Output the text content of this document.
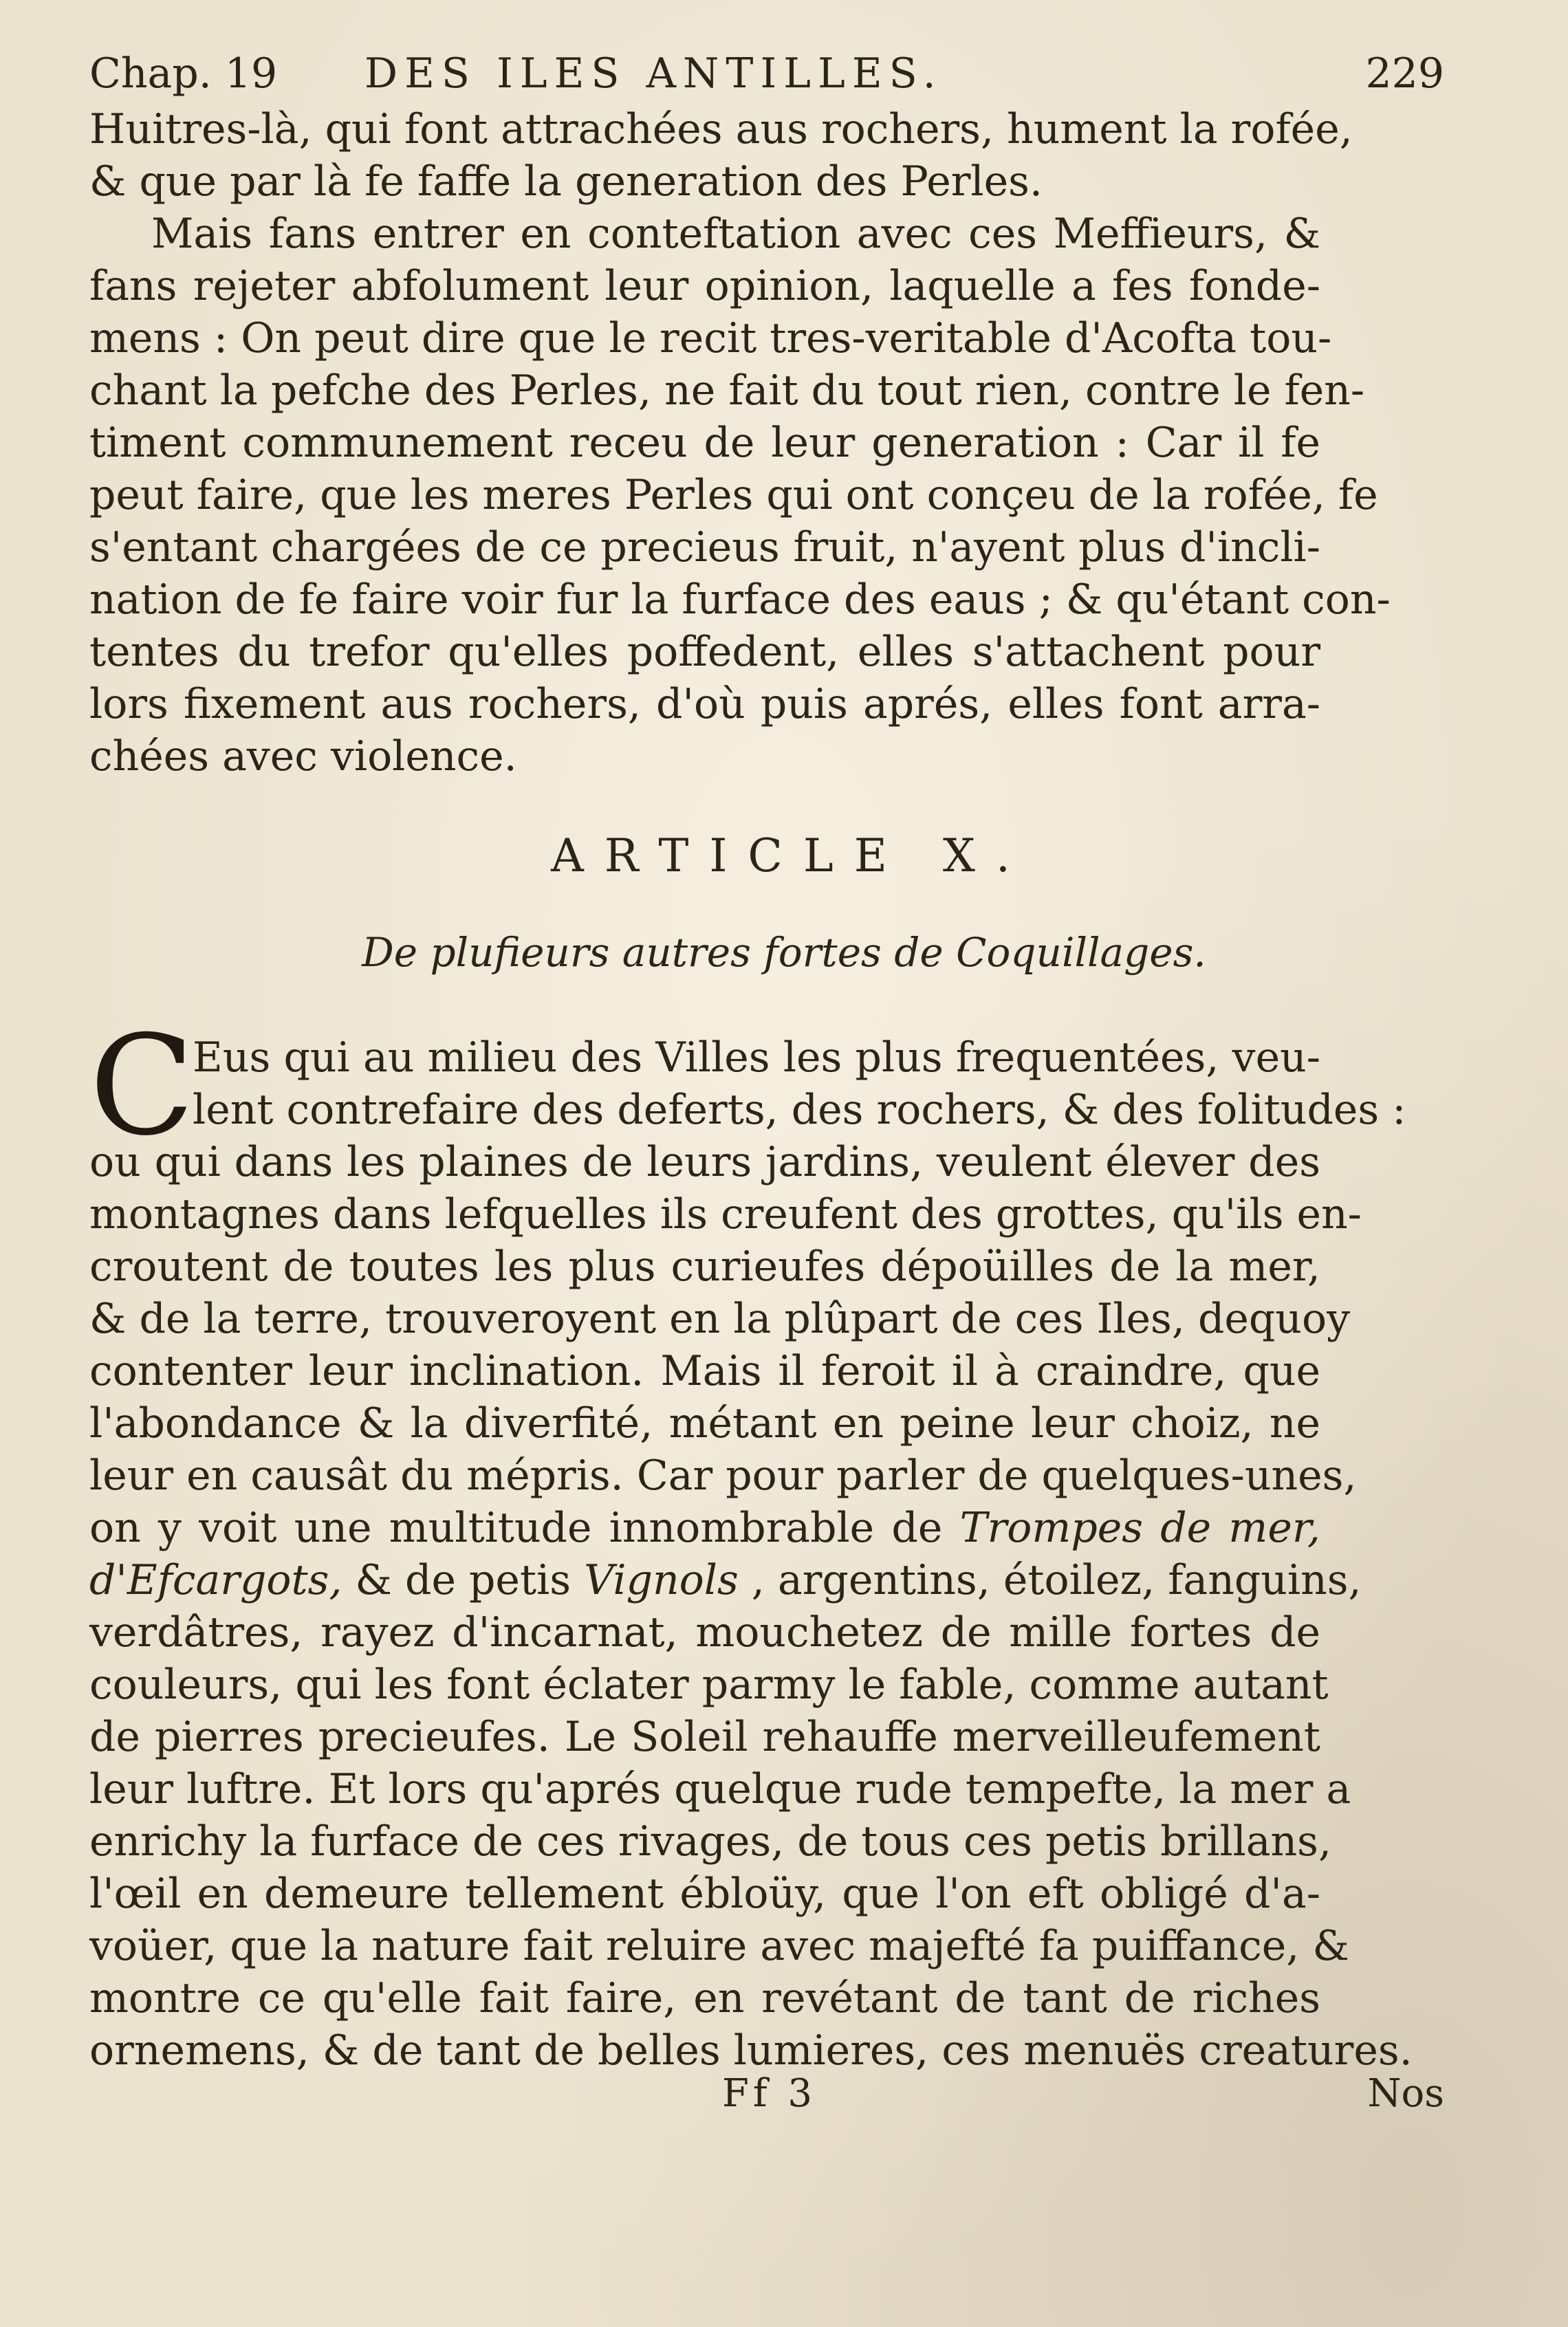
Chap. 19 DES ILES ANTILLES.	229
Huitres-là, qui font attrachées aus rochers, hument la rofée,
& que par là fe faffe la generation des Perles.
Mais fans entrer en conteftation avec ces Meffieurs, &
fans rejeter abfolument leur opinion, laquelle a fes fonde-
mens : On peut dire que le recit tres-veritable d'Acofta tou-
chant la pefche des Perles, ne fait du tout rien, contre le fen-
timent communement receu de leur generation : Car il fe
peut faire, que les meres Perles qui ont conçeu de la rofée, fe
s'entant chargées de ce precieus fruit, n'ayent plus d'incli-
nation de fe faire voir fur la furface des eaus ; & qu'étant con-
tentes du trefor qu'elles poffedent, elles s'attachent pour
lors fixement aus rochers, d'où puis aprés, elles font arra-
chées avec violence.
ARTICLE X.
De plufieurs autres fortes de Coquillages.
C
Eus qui au milieu des Villes les plus frequentées, veu-
lent contrefaire des deferts, des rochers, & des folitudes :
ou qui dans les plaines de leurs jardins, veulent élever des
montagnes dans lefquelles ils creufent des grottes, qu'ils en-
croutent de toutes les plus curieufes dépoüilles de la mer,
& de la terre, trouveroyent en la plûpart de ces Iles, dequoy
contenter leur inclination. Mais il feroit il à craindre, que
l'abondance & la diverfité, métant en peine leur choiz, ne
leur en causât du mépris. Car pour parler de quelques-unes,
on y voit une multitude innombrable de Trompes de mer,
d'Efcargots, & de petis Vignols , argentins, étoilez, fanguins,
verdâtres, rayez d'incarnat, mouchetez de mille fortes de
couleurs, qui les font éclater parmy le fable, comme autant
de pierres precieufes. Le Soleil rehauffe merveilleufement
leur luftre. Et lors qu'aprés quelque rude tempefte, la mer a
enrichy la furface de ces rivages, de tous ces petis brillans,
l'œil en demeure tellement ébloüy, que l'on eft obligé d'a-
voüer, que la nature fait reluire avec majefté fa puiffance, &
montre ce qu'elle fait faire, en revétant de tant de riches
ornemens, & de tant de belles lumieres, ces menuës creatures.
Ff 3	Nos
